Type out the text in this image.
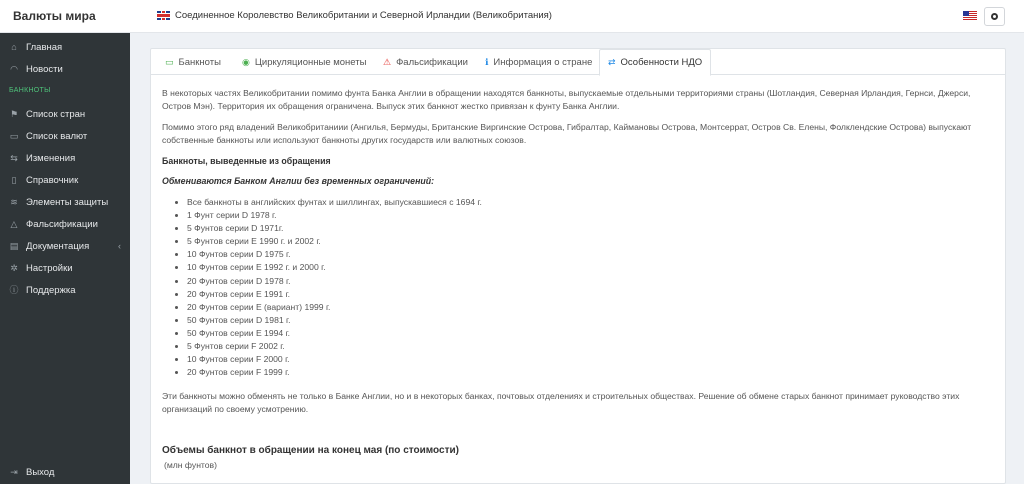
Валюты мира	Соединенное Королевство Великобритании и Северной Ирландии (Великобритания)
⌂ Главная
◠ Новости
БАНКНОТЫ
⚑ Список стран
▭ Список валют
⇆ Изменения
▯ Справочник
≋ Элементы защиты
△ Фальсификации
▤ Документация	‹
✲ Настройки
ⓘ Поддержка
⇥ Выход
▭ Банкноты ◉ Циркуляционные монеты ⚠ Фальсификации ℹ Информация о стране ⇄ Особенности НДО

В некоторых частях Великобритании помимо фунта Банка Англии в обращении находятся банкноты, выпускаемые отдельными территориями страны (Шотландия, Северная Ирландия, Гернси, Джерси, Остров Мэн). Территория их обращения ограничена. Выпуск этих банкнот жестко привязан к фунту Банка Англии.

Помимо этого ряд владений Великобританиии (Ангилья, Бермуды, Британские Виргинские Острова, Гибралтар, Каймановы Острова, Монтсеррат, Остров Св. Елены, Фолклендские Острова) выпускают собственные банкноты или используют банкноты других государств или валютных союзов.

Банкноты, выведенные из обращения
Обмениваются Банком Англии без временных ограничений:
• Все банкноты в английских фунтах и шиллингах, выпускавшиеся с 1694 г.
• 1 Фунт серии D 1978 г.
• 5 Фунтов серии D 1971г.
• 5 Фунтов серии E 1990 г. и 2002 г.
• 10 Фунтов серии D 1975 г.
• 10 Фунтов серии E 1992 г. и 2000 г.
• 20 Фунтов серии D 1978 г.
• 20 Фунтов серии E 1991 г.
• 20 Фунтов серии E (вариант) 1999 г.
• 50 Фунтов серии D 1981 г.
• 50 Фунтов серии E 1994 г.
• 5 Фунтов серии F 2002 г.
• 10 Фунтов серии F 2000 г.
• 20 Фунтов серии F 1999 г.

Эти банкноты можно обменять не только в Банке Англии, но и в некоторых банках, почтовых отделениях и строительных обществах. Решение об обмене старых банкнот принимает руководство этих организаций по своему усмотрению.

Объемы банкнот в обращении на конец мая (по стоимости)
(млн фунтов)
